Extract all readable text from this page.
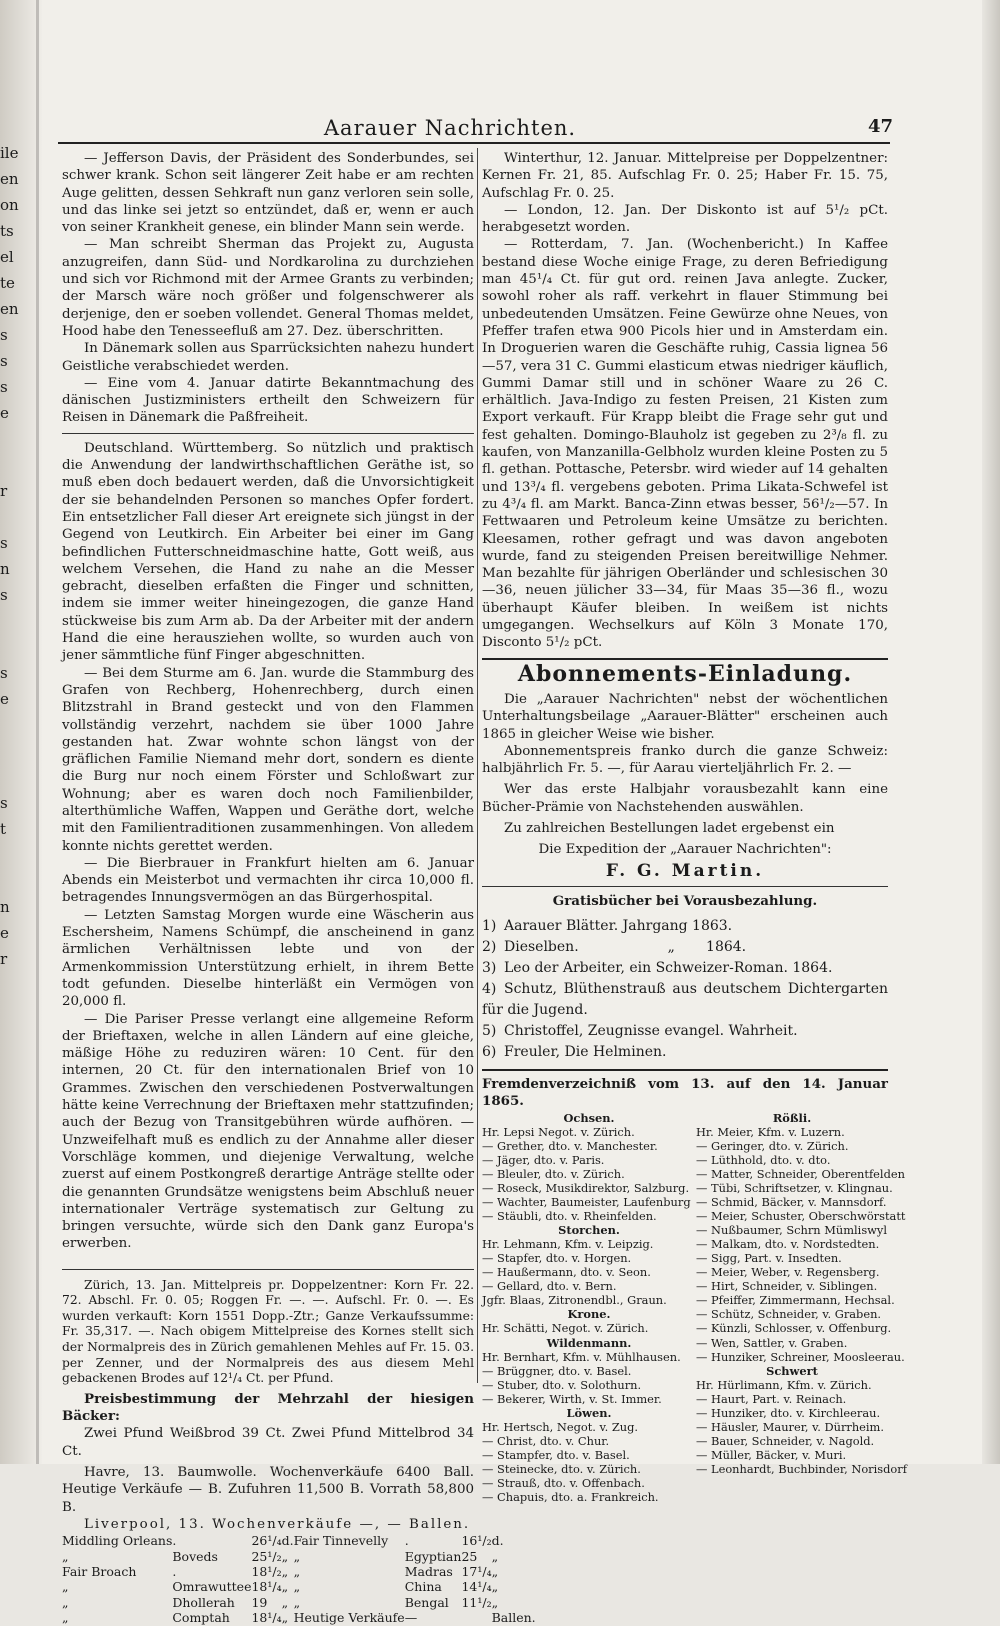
ile
en
on
ts
el
te
en
s
s
s
e
r
s
n
s
s
e
s
t
n
e
r
Aarauer Nachrichten.	47

— Jefferson Davis, der Präsident des Sonderbundes, sei schwer krank. Schon seit längerer Zeit habe er am rechten Auge gelitten, dessen Sehkraft nun ganz verloren sein solle, und das linke sei jetzt so entzündet, daß er, wenn er auch von seiner Krankheit genese, ein blinder Mann sein werde.

— Man schreibt Sherman das Projekt zu, Augusta anzugreifen, dann Süd- und Nordkarolina zu durchziehen und sich vor Richmond mit der Armee Grants zu verbinden; der Marsch wäre noch größer und folgenschwerer als derjenige, den er soeben vollendet. General Thomas meldet, Hood habe den Tenesseefluß am 27. Dez. überschritten.

In Dänemark sollen aus Sparrücksichten nahezu hundert Geistliche verabschiedet werden.

— Eine vom 4. Januar datirte Bekanntmachung des dänischen Justizministers ertheilt den Schweizern für Reisen in Dänemark die Paßfreiheit.

Deutschland. Württemberg. So nützlich und praktisch die Anwendung der landwirthschaftlichen Geräthe ist, so muß eben doch bedauert werden, daß die Unvorsichtigkeit der sie behandelnden Personen so manches Opfer fordert. Ein entsetzlicher Fall dieser Art ereignete sich jüngst in der Gegend von Leutkirch. Ein Arbeiter bei einer im Gang befindlichen Futterschneidmaschine hatte, Gott weiß, aus welchem Versehen, die Hand zu nahe an die Messer gebracht, dieselben erfaßten die Finger und schnitten, indem sie immer weiter hineingezogen, die ganze Hand stückweise bis zum Arm ab. Da der Arbeiter mit der andern Hand die eine herausziehen wollte, so wurden auch von jener sämmtliche fünf Finger abgeschnitten.

— Bei dem Sturme am 6. Jan. wurde die Stammburg des Grafen von Rechberg, Hohenrechberg, durch einen Blitzstrahl in Brand gesteckt und von den Flammen vollständig verzehrt, nachdem sie über 1000 Jahre gestanden hat. Zwar wohnte schon längst von der gräflichen Familie Niemand mehr dort, sondern es diente die Burg nur noch einem Förster und Schloßwart zur Wohnung; aber es waren doch noch Familienbilder, alterthümliche Waffen, Wappen und Geräthe dort, welche mit den Familientraditionen zusammenhingen. Von alledem konnte nichts gerettet werden.

— Die Bierbrauer in Frankfurt hielten am 6. Januar Abends ein Meisterbot und vermachten ihr circa 10,000 fl. betragendes Innungsvermögen an das Bürgerhospital.

— Letzten Samstag Morgen wurde eine Wäscherin aus Eschersheim, Namens Schümpf, die anscheinend in ganz ärmlichen Verhältnissen lebte und von der Armenkommission Unterstützung erhielt, in ihrem Bette todt gefunden. Dieselbe hinterläßt ein Vermögen von 20,000 fl.

— Die Pariser Presse verlangt eine allgemeine Reform der Brieftaxen, welche in allen Ländern auf eine gleiche, mäßige Höhe zu reduziren wären: 10 Cent. für den internen, 20 Ct. für den internationalen Brief von 10 Grammes. Zwischen den verschiedenen Postverwaltungen hätte keine Verrechnung der Brieftaxen mehr stattzufinden; auch der Bezug von Transitgebühren würde aufhören. — Unzweifelhaft muß es endlich zu der Annahme aller dieser Vorschläge kommen, und diejenige Verwaltung, welche zuerst auf einem Postkongreß derartige Anträge stellte oder die genannten Grundsätze wenigstens beim Abschluß neuer internationaler Verträge systematisch zur Geltung zu bringen versuchte, würde sich den Dank ganz Europa's erwerben.

Zürich, 13. Jan. Mittelpreis pr. Doppelzentner: Korn Fr. 22. 72. Abschl. Fr. 0. 05; Roggen Fr. —. —. Aufschl. Fr. 0. —. Es wurden verkauft: Korn 1551 Dopp.-Ztr.; Ganze Verkaufssumme: Fr. 35,317. —. Nach obigem Mittelpreise des Kornes stellt sich der Normalpreis des in Zürich gemahlenen Mehles auf Fr. 15. 03. per Zenner, und der Normalpreis des aus diesem Mehl gebackenen Brodes auf 12¹/₄ Ct. per Pfund.

Preisbestimmung der Mehrzahl der hiesigen Bäcker:

Zwei Pfund Weißbrod 39 Ct. Zwei Pfund Mittelbrod 34 Ct.

Havre, 13. Baumwolle. Wochenverkäufe 6400 Ball. Heutige Verkäufe — B. Zufuhren 11,500 B. Vorrath 58,800 B.

Liverpool, 13. Wochenverkäufe —, — Ballen.

Middling Orleans	.	26¹/₄	d.	Fair Tinnevelly	.	16¹/₂	d.
„	Boveds	25¹/₂	„	„	Egyptian	25	„
Fair Broach	.	18¹/₂	„	„	Madras	17¹/₄	„
„	Omrawuttee	18¹/₄	„	„	China	14¹/₄	„
„	Dhollerah	19	„	„	Bengal	11¹/₂	„
„	Comptah	18¹/₄	„	Heutige Verkäufe	—		Ballen.

Winterthur, 12. Januar. Mittelpreise per Doppelzentner: Kernen Fr. 21, 85. Aufschlag Fr. 0. 25; Haber Fr. 15. 75, Aufschlag Fr. 0. 25.

— London, 12. Jan. Der Diskonto ist auf 5¹/₂ pCt. herabgesetzt worden.

— Rotterdam, 7. Jan. (Wochenbericht.) In Kaffee bestand diese Woche einige Frage, zu deren Befriedigung man 45¹/₄ Ct. für gut ord. reinen Java anlegte. Zucker, sowohl roher als raff. verkehrt in flauer Stimmung bei unbedeutenden Umsätzen. Feine Gewürze ohne Neues, von Pfeffer trafen etwa 900 Picols hier und in Amsterdam ein. In Droguerien waren die Geschäfte ruhig, Cassia lignea 56—57, vera 31 C. Gummi elasticum etwas niedriger käuflich, Gummi Damar still und in schöner Waare zu 26 C. erhältlich. Java-Indigo zu festen Preisen, 21 Kisten zum Export verkauft. Für Krapp bleibt die Frage sehr gut und fest gehalten. Domingo-Blauholz ist gegeben zu 2³/₈ fl. zu kaufen, von Manzanilla-Gelbholz wurden kleine Posten zu 5 fl. gethan. Pottasche, Petersbr. wird wieder auf 14 gehalten und 13³/₄ fl. vergebens geboten. Prima Likata-Schwefel ist zu 4³/₄ fl. am Markt. Banca-Zinn etwas besser, 56¹/₂—57. In Fettwaaren und Petroleum keine Umsätze zu berichten. Kleesamen, rother gefragt und was davon angeboten wurde, fand zu steigenden Preisen bereitwillige Nehmer. Man bezahlte für jährigen Oberländer und schlesischen 30—36, neuen jülicher 33—34, für Maas 35—36 fl., wozu überhaupt Käufer bleiben. In weißem ist nichts umgegangen. Wechselkurs auf Köln 3 Monate 170, Disconto 5¹/₂ pCt.

Abonnements-Einladung.

Die „Aarauer Nachrichten" nebst der wöchentlichen Unterhaltungsbeilage „Aarauer-Blätter" erscheinen auch 1865 in gleicher Weise wie bisher.

Abonnementspreis franko durch die ganze Schweiz: halbjährlich Fr. 5. —, für Aarau vierteljährlich Fr. 2. —

Wer das erste Halbjahr vorausbezahlt kann eine Bücher-Prämie von Nachstehenden auswählen.

Zu zahlreichen Bestellungen ladet ergebenst ein

Die Expedition der „Aarauer Nachrichten":

F. G. Martin.
Gratisbücher bei Vorausbezahlung.
1) Aarauer Blätter. Jahrgang 1863.
2) Dieselben.                    „       1864.
3) Leo der Arbeiter, ein Schweizer-Roman. 1864.
4) Schutz, Blüthenstrauß aus deutschem Dichtergarten für die Jugend.
5) Christoffel, Zeugnisse evangel. Wahrheit.
6) Freuler, Die Helminen.
Fremdenverzeichniß vom 13. auf den 14. Januar 1865.
Ochsen.
Hr. Lepsi Negot. v. Zürich.
— Grether, dto. v. Manchester.
— Jäger, dto. v. Paris.
— Bleuler, dto. v. Zürich.
— Roseck, Musikdirektor, Salzburg.
— Wachter, Baumeister, Laufenburg
— Stäubli, dto. v. Rheinfelden.
Storchen.
Hr. Lehmann, Kfm. v. Leipzig.
— Stapfer, dto. v. Horgen.
— Haußermann, dto. v. Seon.
— Gellard, dto. v. Bern.
Jgfr. Blaas, Zitronendbl., Graun.
Krone.
Hr. Schätti, Negot. v. Zürich.
Wildenmann.
Hr. Bernhart, Kfm. v. Mühlhausen.
— Brüggner, dto. v. Basel.
— Stuber, dto. v. Solothurn.
— Bekerer, Wirth, v. St. Immer.
Löwen.
Hr. Hertsch, Negot. v. Zug.
— Christ, dto. v. Chur.
— Stampfer, dto. v. Basel.
— Steinecke, dto. v. Zürich.
— Strauß, dto. v. Offenbach.
— Chapuis, dto. a. Frankreich.
Rößli.
Hr. Meier, Kfm. v. Luzern.
— Geringer, dto. v. Zürich.
— Lüthhold, dto. v. dto.
— Matter, Schneider, Oberentfelden
— Tübi, Schriftsetzer, v. Klingnau.
— Schmid, Bäcker, v. Mannsdorf.
— Meier, Schuster, Oberschwörstatt
— Nußbaumer, Schrn Mümliswyl
— Malkam, dto. v. Nordstedten.
— Sigg, Part. v. Insedten.
— Meier, Weber, v. Regensberg.
— Hirt, Schneider, v. Siblingen.
— Pfeiffer, Zimmermann, Hechsal.
— Schütz, Schneider, v. Graben.
— Künzli, Schlosser, v. Offenburg.
— Wen, Sattler, v. Graben.
— Hunziker, Schreiner, Moosleerau.
Schwert
Hr. Hürlimann, Kfm. v. Zürich.
— Haurt, Part. v. Reinach.
— Hunziker, dto. v. Kirchleerau.
— Häusler, Maurer, v. Dürrheim.
— Bauer, Schneider, v. Nagold.
— Müller, Bäcker, v. Muri.
— Leonhardt, Buchbinder, Norisdorf
